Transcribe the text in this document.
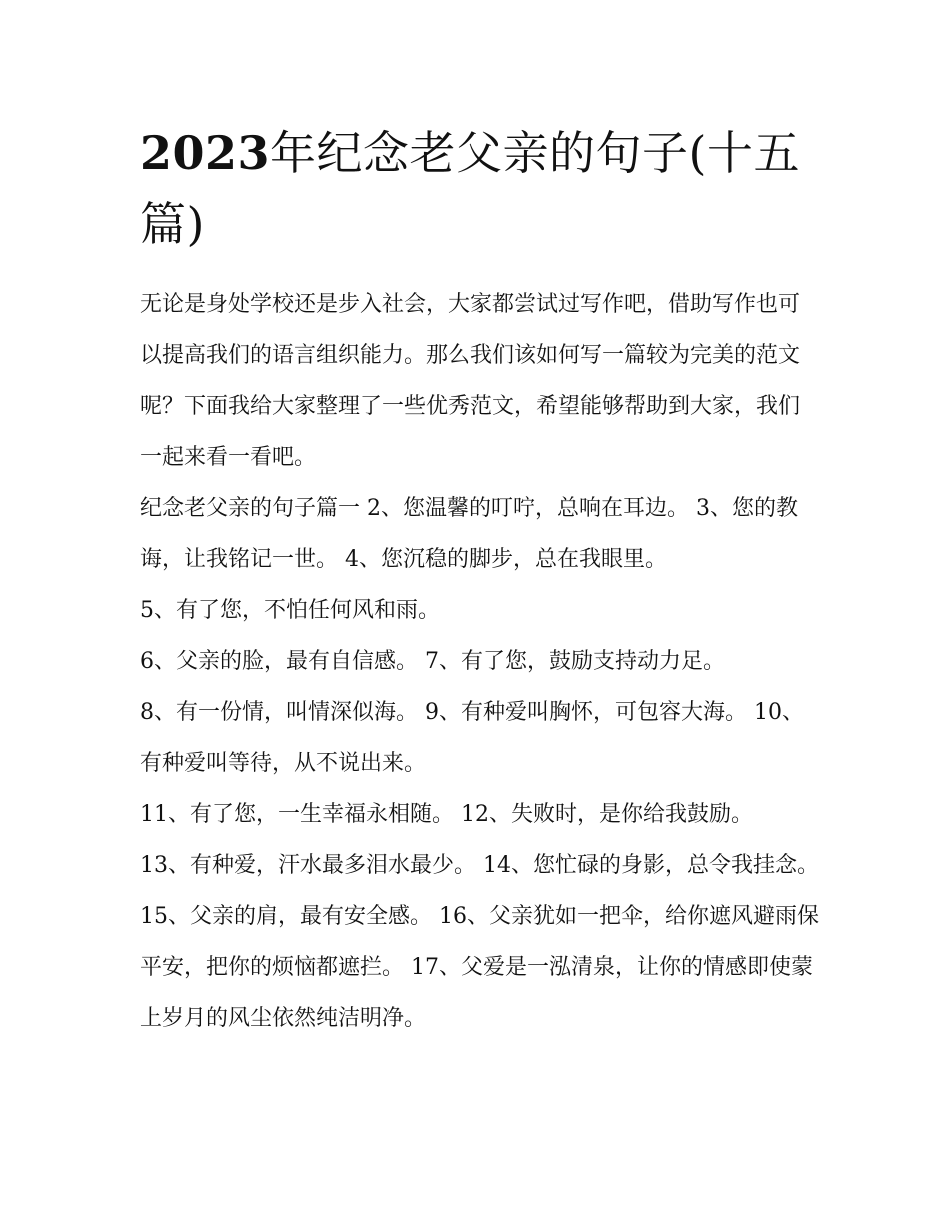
2023年纪念老父亲的句子(十五篇)

无论是身处学校还是步入社会，大家都尝试过写作吧，借助写作也可以提高我们的语言组织能力。那么我们该如何写一篇较为完美的范文呢？下面我给大家整理了一些优秀范文，希望能够帮助到大家，我们一起来看一看吧。

纪念老父亲的句子篇一 2、您温馨的叮咛，总响在耳边。 3、您的教诲，让我铭记一世。 4、您沉稳的脚步，总在我眼里。

5、有了您，不怕任何风和雨。

6、父亲的脸，最有自信感。 7、有了您，鼓励支持动力足。

8、有一份情，叫情深似海。 9、有种爱叫胸怀，可包容大海。 10、有种爱叫等待，从不说出来。

11、有了您，一生幸福永相随。 12、失败时，是你给我鼓励。

13、有种爱，汗水最多泪水最少。 14、您忙碌的身影，总令我挂念。

15、父亲的肩，最有安全感。 16、父亲犹如一把伞，给你遮风避雨保平安，把你的烦恼都遮拦。 17、父爱是一泓清泉，让你的情感即使蒙上岁月的风尘依然纯洁明净。
